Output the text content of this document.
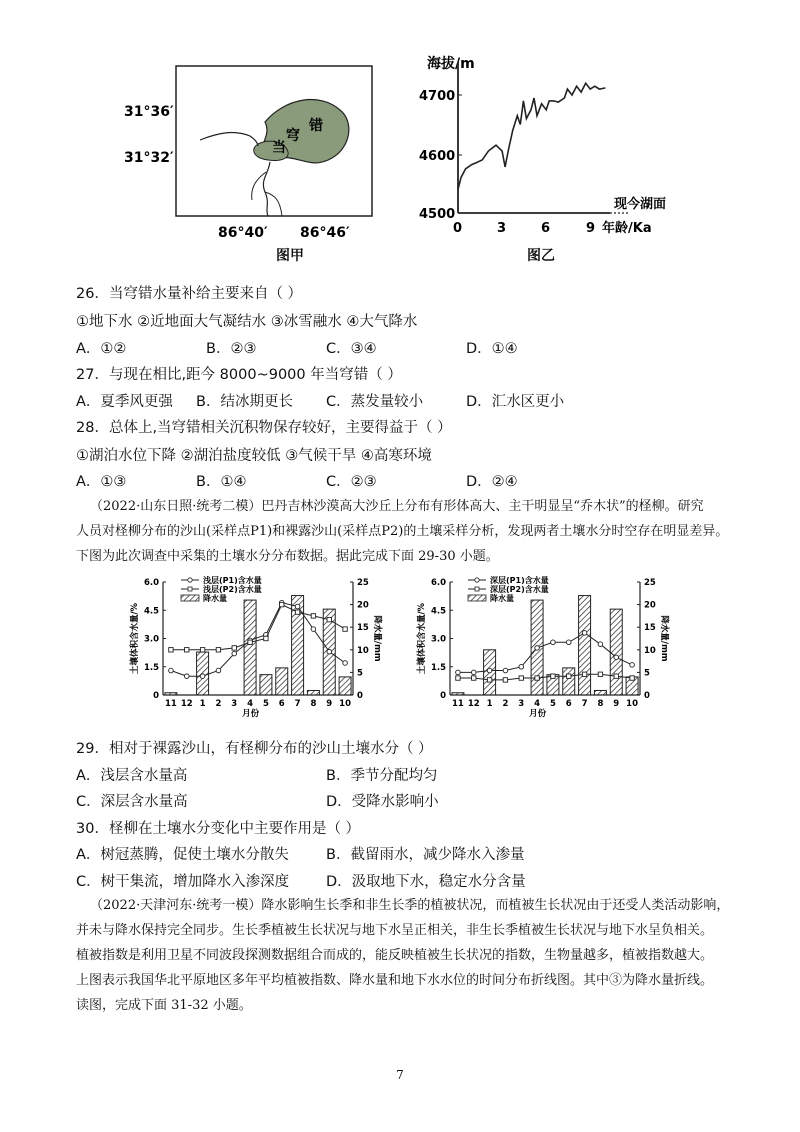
当
穹
错
31°36′
31°32′
86°40′ 86°46′
图甲
海拔/m
4700
4600
4500
0	3	6	9 年龄/Ka
现今湖面
图乙
26．当穹错水量补给主要来自（ ）
①地下水 ②近地面大气凝结水 ③冰雪融水 ④大气降水
A．①②	B．②③	C．③④	D．①④
27．与现在相比,距今 8000~9000 年当穹错（ ）
A．夏季风更强 B．结冰期更长 C．蒸发量较小	D．汇水区更小
28．总体上,当穹错相关沉积物保存较好，主要得益于（ ）
①湖泊水位下降 ②湖泊盐度较低 ③气候干旱 ④高寒环境
A．①③	B．①④	C．②③	D．②④
（2022·山东日照·统考二模）巴丹吉林沙漠高大沙丘上分布有形体高大、主干明显呈“乔木状”的柽柳。研究
人员对柽柳分布的沙山(采样点P1)和裸露沙山(采样点P2)的土壤采样分析，发现两者土壤水分时空存在明显差异。
下图为此次调查中采集的土壤水分分布数据。据此完成下面 29-30 小题。
0
1.5
3.0
4.5
6.0
0
5
10
15
20
25
11 12 1 2 3 4 5 6 7 8 9 10
月份
土壤体积含水量/%	降水量/mm
浅层(P1)含水量
浅层(P2)含水量
降水量
0
1.5
3.0
4.5
6.0
0
5
10
15
20
25
11 12 1 2 3 4 5 6 7 8 9 10
月份
土壤体积含水量/%	降水量/mm
深层(P1)含水量
深层(P2)含水量
降水量
29．相对于裸露沙山，有柽柳分布的沙山土壤水分（ ）
A．浅层含水量高	B．季节分配均匀
C．深层含水量高	D．受降水影响小
30．柽柳在土壤水分变化中主要作用是（ ）
A．树冠蒸腾，促使土壤水分散失	B．截留雨水，减少降水入渗量
C．树干集流，增加降水入渗深度	D．汲取地下水，稳定水分含量
（2022·天津河东·统考一模）降水影响生长季和非生长季的植被状况，而植被生长状况由于还受人类活动影响，
并未与降水保持完全同步。生长季植被生长状况与地下水呈正相关，非生长季植被生长状况与地下水呈负相关。
植被指数是利用卫星不同波段探测数据组合而成的，能反映植被生长状况的指数，生物量越多，植被指数越大。
上图表示我国华北平原地区多年平均植被指数、降水量和地下水水位的时间分布折线图。其中③为降水量折线。
读图，完成下面 31-32 小题。
7
